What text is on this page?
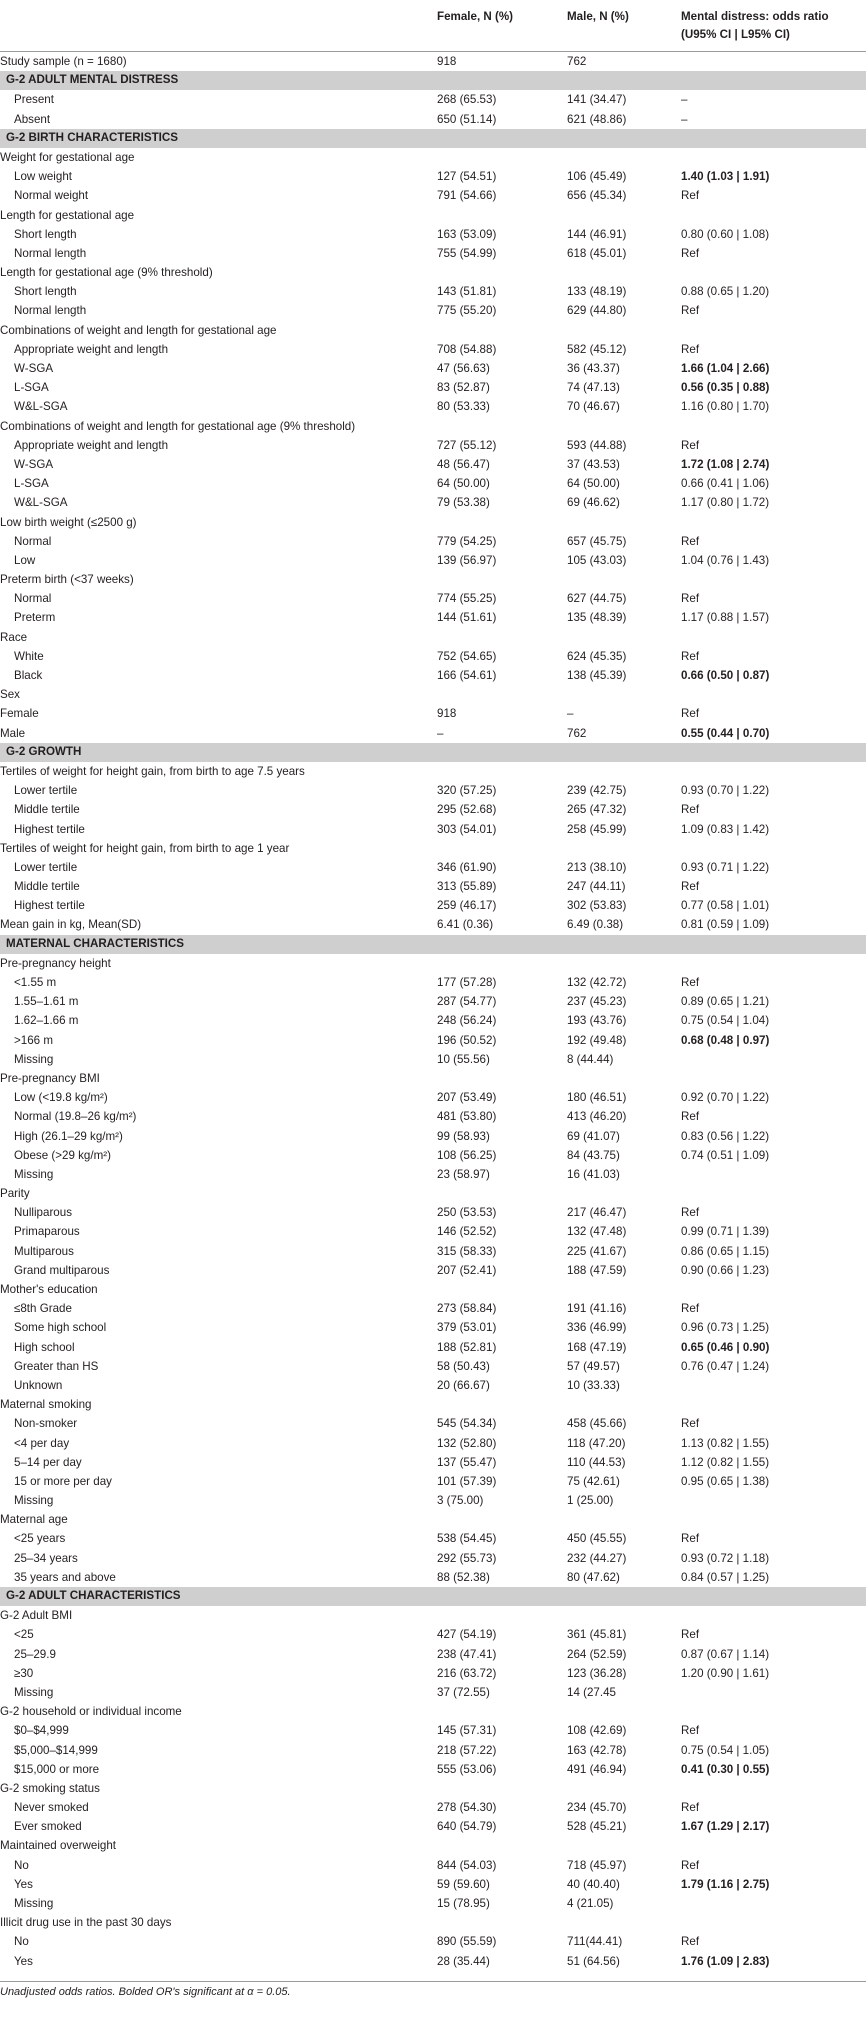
Female, N (%)	Male, N (%)	Mental distress: odds ratio
(U95% CI | L95% CI)
Study sample (n = 1680)	918	762
G-2 ADULT MENTAL DISTRESS
Present	268 (65.53)	141 (34.47)	–
Absent	650 (51.14)	621 (48.86)	–
G-2 BIRTH CHARACTERISTICS
Weight for gestational age
Low weight	127 (54.51)	106 (45.49)	1.40 (1.03 | 1.91)
Normal weight	791 (54.66)	656 (45.34)	Ref
Length for gestational age
Short length	163 (53.09)	144 (46.91)	0.80 (0.60 | 1.08)
Normal length	755 (54.99)	618 (45.01)	Ref
Length for gestational age (9% threshold)
Short length	143 (51.81)	133 (48.19)	0.88 (0.65 | 1.20)
Normal length	775 (55.20)	629 (44.80)	Ref
Combinations of weight and length for gestational age
Appropriate weight and length	708 (54.88)	582 (45.12)	Ref
W-SGA	47 (56.63)	36 (43.37)	1.66 (1.04 | 2.66)
L-SGA	83 (52.87)	74 (47.13)	0.56 (0.35 | 0.88)
W&L-SGA	80 (53.33)	70 (46.67)	1.16 (0.80 | 1.70)
Combinations of weight and length for gestational age (9% threshold)
Appropriate weight and length	727 (55.12)	593 (44.88)	Ref
W-SGA	48 (56.47)	37 (43.53)	1.72 (1.08 | 2.74)
L-SGA	64 (50.00)	64 (50.00)	0.66 (0.41 | 1.06)
W&L-SGA	79 (53.38)	69 (46.62)	1.17 (0.80 | 1.72)
Low birth weight (≤2500 g)
Normal	779 (54.25)	657 (45.75)	Ref
Low	139 (56.97)	105 (43.03)	1.04 (0.76 | 1.43)
Preterm birth (<37 weeks)
Normal	774 (55.25)	627 (44.75)	Ref
Preterm	144 (51.61)	135 (48.39)	1.17 (0.88 | 1.57)
Race
White	752 (54.65)	624 (45.35)	Ref
Black	166 (54.61)	138 (45.39)	0.66 (0.50 | 0.87)
Sex
Female	918	–	Ref
Male	–	762	0.55 (0.44 | 0.70)
G-2 GROWTH
Tertiles of weight for height gain, from birth to age 7.5 years
Lower tertile	320 (57.25)	239 (42.75)	0.93 (0.70 | 1.22)
Middle tertile	295 (52.68)	265 (47.32)	Ref
Highest tertile	303 (54.01)	258 (45.99)	1.09 (0.83 | 1.42)
Tertiles of weight for height gain, from birth to age 1 year
Lower tertile	346 (61.90)	213 (38.10)	0.93 (0.71 | 1.22)
Middle tertile	313 (55.89)	247 (44.11)	Ref
Highest tertile	259 (46.17)	302 (53.83)	0.77 (0.58 | 1.01)
Mean gain in kg, Mean(SD)	6.41 (0.36)	6.49 (0.38)	0.81 (0.59 | 1.09)
MATERNAL CHARACTERISTICS
Pre-pregnancy height
<1.55 m	177 (57.28)	132 (42.72)	Ref
1.55–1.61 m	287 (54.77)	237 (45.23)	0.89 (0.65 | 1.21)
1.62–1.66 m	248 (56.24)	193 (43.76)	0.75 (0.54 | 1.04)
>166 m	196 (50.52)	192 (49.48)	0.68 (0.48 | 0.97)
Missing	10 (55.56)	8 (44.44)
Pre-pregnancy BMI
Low (<19.8 kg/m²)	207 (53.49)	180 (46.51)	0.92 (0.70 | 1.22)
Normal (19.8–26 kg/m²)	481 (53.80)	413 (46.20)	Ref
High (26.1–29 kg/m²)	99 (58.93)	69 (41.07)	0.83 (0.56 | 1.22)
Obese (>29 kg/m²)	108 (56.25)	84 (43.75)	0.74 (0.51 | 1.09)
Missing	23 (58.97)	16 (41.03)
Parity
Nulliparous	250 (53.53)	217 (46.47)	Ref
Primaparous	146 (52.52)	132 (47.48)	0.99 (0.71 | 1.39)
Multiparous	315 (58.33)	225 (41.67)	0.86 (0.65 | 1.15)
Grand multiparous	207 (52.41)	188 (47.59)	0.90 (0.66 | 1.23)
Mother's education
≤8th Grade	273 (58.84)	191 (41.16)	Ref
Some high school	379 (53.01)	336 (46.99)	0.96 (0.73 | 1.25)
High school	188 (52.81)	168 (47.19)	0.65 (0.46 | 0.90)
Greater than HS	58 (50.43)	57 (49.57)	0.76 (0.47 | 1.24)
Unknown	20 (66.67)	10 (33.33)
Maternal smoking
Non-smoker	545 (54.34)	458 (45.66)	Ref
<4 per day	132 (52.80)	118 (47.20)	1.13 (0.82 | 1.55)
5–14 per day	137 (55.47)	110 (44.53)	1.12 (0.82 | 1.55)
15 or more per day	101 (57.39)	75 (42.61)	0.95 (0.65 | 1.38)
Missing	3 (75.00)	1 (25.00)
Maternal age
<25 years	538 (54.45)	450 (45.55)	Ref
25–34 years	292 (55.73)	232 (44.27)	0.93 (0.72 | 1.18)
35 years and above	88 (52.38)	80 (47.62)	0.84 (0.57 | 1.25)
G-2 ADULT CHARACTERISTICS
G-2 Adult BMI
<25	427 (54.19)	361 (45.81)	Ref
25–29.9	238 (47.41)	264 (52.59)	0.87 (0.67 | 1.14)
≥30	216 (63.72)	123 (36.28)	1.20 (0.90 | 1.61)
Missing	37 (72.55)	14 (27.45
G-2 household or individual income
$0–$4,999	145 (57.31)	108 (42.69)	Ref
$5,000–$14,999	218 (57.22)	163 (42.78)	0.75 (0.54 | 1.05)
$15,000 or more	555 (53.06)	491 (46.94)	0.41 (0.30 | 0.55)
G-2 smoking status
Never smoked	278 (54.30)	234 (45.70)	Ref
Ever smoked	640 (54.79)	528 (45.21)	1.67 (1.29 | 2.17)
Maintained overweight
No	844 (54.03)	718 (45.97)	Ref
Yes	59 (59.60)	40 (40.40)	1.79 (1.16 | 2.75)
Missing	15 (78.95)	4 (21.05)
Illicit drug use in the past 30 days
No	890 (55.59)	711(44.41)	Ref
Yes	28 (35.44)	51 (64.56)	1.76 (1.09 | 2.83)
Unadjusted odds ratios. Bolded OR's significant at α = 0.05.
